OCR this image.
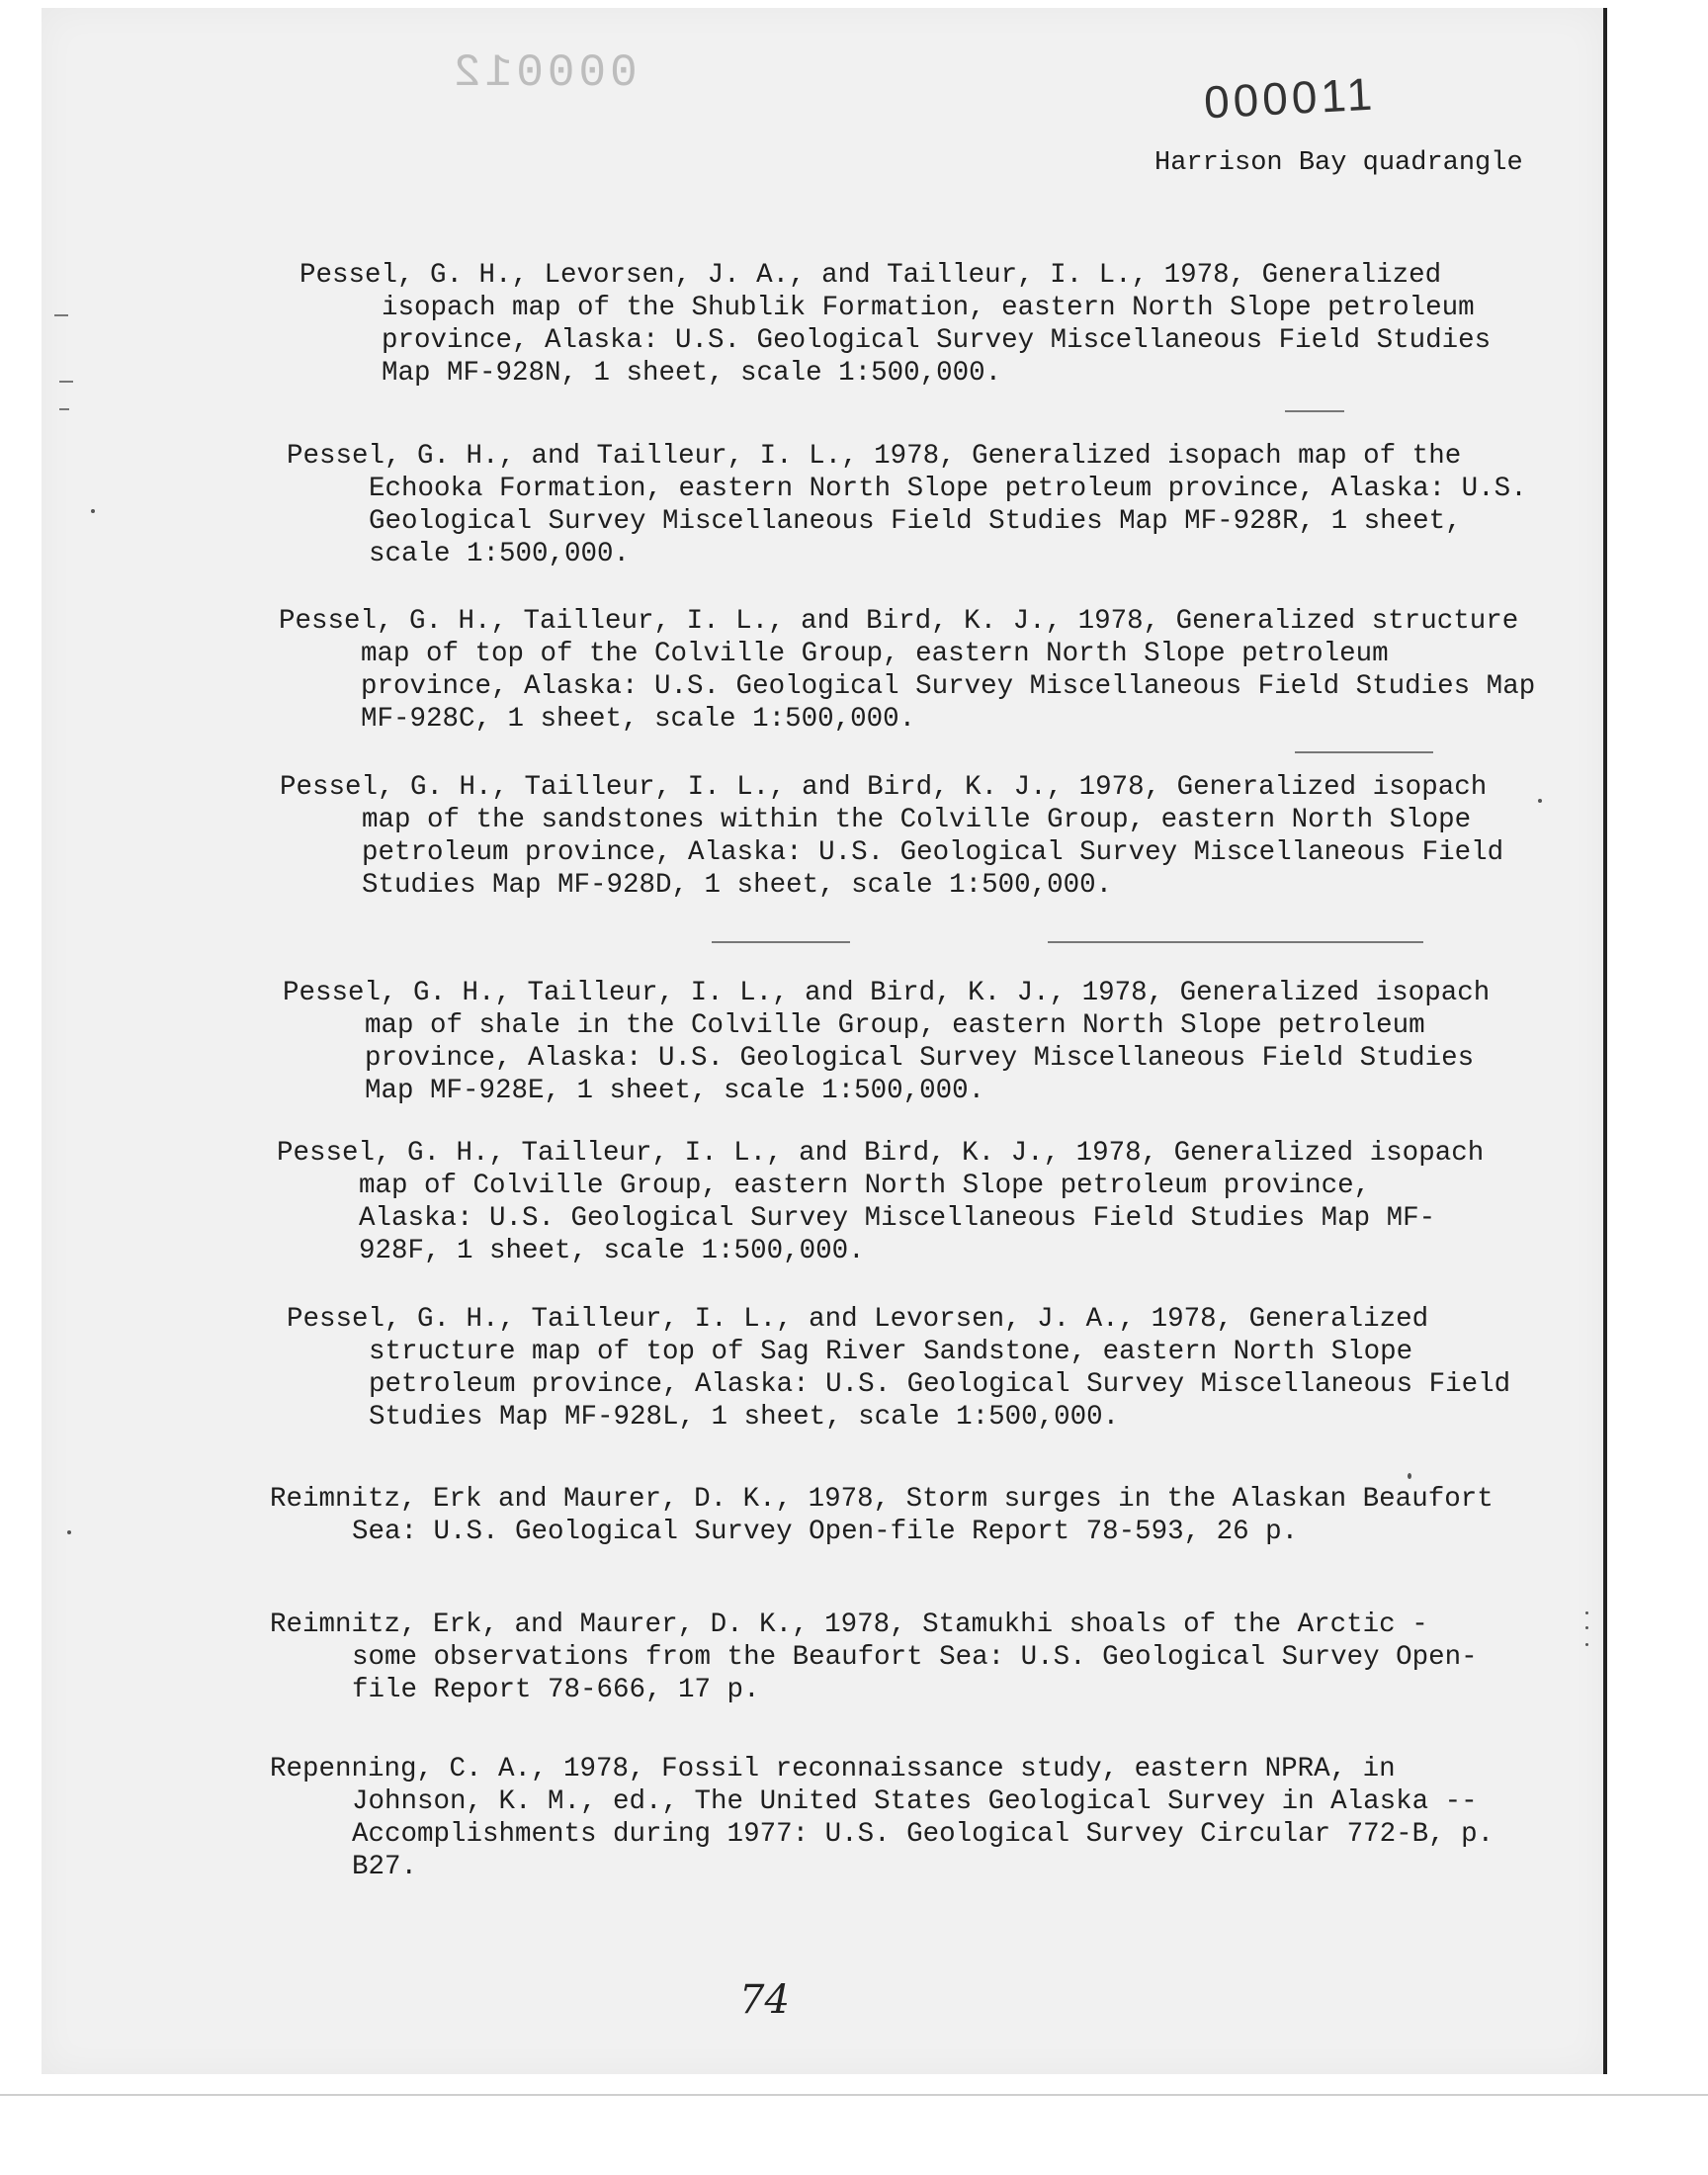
000012	000011
Harrison Bay quadrangle
Pessel, G. H., Levorsen, J. A., and Tailleur, I. L., 1978, Generalized isopach map of the Shublik Formation, eastern North Slope petroleum province, Alaska: U.S. Geological Survey Miscellaneous Field Studies Map MF-928N, 1 sheet, scale 1:500,000.
Pessel, G. H., and Tailleur, I. L., 1978, Generalized isopach map of the Echooka Formation, eastern North Slope petroleum province, Alaska: U.S. Geological Survey Miscellaneous Field Studies Map MF-928R, 1 sheet, scale 1:500,000.
Pessel, G. H., Tailleur, I. L., and Bird, K. J., 1978, Generalized structure map of top of the Colville Group, eastern North Slope petroleum province, Alaska: U.S. Geological Survey Miscellaneous Field Studies Map MF-928C, 1 sheet, scale 1:500,000.
Pessel, G. H., Tailleur, I. L., and Bird, K. J., 1978, Generalized isopach map of the sandstones within the Colville Group, eastern North Slope petroleum province, Alaska: U.S. Geological Survey Miscellaneous Field Studies Map MF-928D, 1 sheet, scale 1:500,000.
Pessel, G. H., Tailleur, I. L., and Bird, K. J., 1978, Generalized isopach map of shale in the Colville Group, eastern North Slope petroleum province, Alaska: U.S. Geological Survey Miscellaneous Field Studies Map MF-928E, 1 sheet, scale 1:500,000.
Pessel, G. H., Tailleur, I. L., and Bird, K. J., 1978, Generalized isopach map of Colville Group, eastern North Slope petroleum province, Alaska: U.S. Geological Survey Miscellaneous Field Studies Map MF-928F, 1 sheet, scale 1:500,000.
Pessel, G. H., Tailleur, I. L., and Levorsen, J. A., 1978, Generalized structure map of top of Sag River Sandstone, eastern North Slope petroleum province, Alaska: U.S. Geological Survey Miscellaneous Field Studies Map MF-928L, 1 sheet, scale 1:500,000.
Reimnitz, Erk and Maurer, D. K., 1978, Storm surges in the Alaskan Beaufort Sea: U.S. Geological Survey Open-file Report 78-593, 26 p.
Reimnitz, Erk, and Maurer, D. K., 1978, Stamukhi shoals of the Arctic - some observations from the Beaufort Sea: U.S. Geological Survey Open-file Report 78-666, 17 p.
Repenning, C. A., 1978, Fossil reconnaissance study, eastern NPRA, in Johnson, K. M., ed., The United States Geological Survey in Alaska -- Accomplishments during 1977: U.S. Geological Survey Circular 772-B, p. B27.
74
